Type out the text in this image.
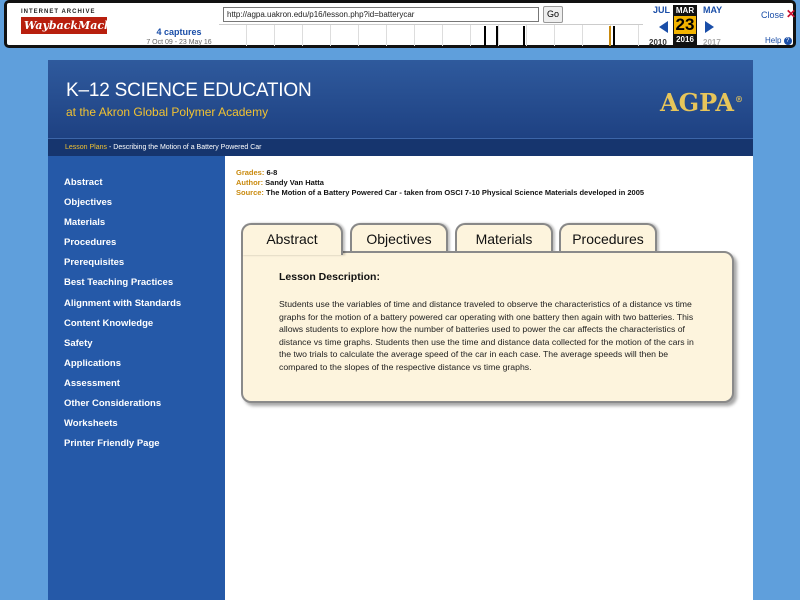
INTERNET ARCHIVE
WaybackMachine
http://agpa.uakron.edu/p16/lesson.php?id=batterycar
Go
4 captures
7 Oct 09 - 23 May 16
JUL
2010
MAR
23
2016
MAY
2017
Close ✕
Help ?
K–12 SCIENCE EDUCATION
at the Akron Global Polymer Academy	AGPA®
Lesson Plans - Describing the Motion of a Battery Powered Car
Abstract
Objectives
Materials
Procedures
Prerequisites
Best Teaching Practices
Alignment with Standards
Content Knowledge
Safety
Applications
Assessment
Other Considerations
Worksheets
Printer Friendly Page
Grades: 6-8
Author: Sandy Van Hatta
Source: The Motion of a Battery Powered Car - taken from OSCI 7-10 Physical Science Materials developed in 2005
Abstract	Objectives	Materials	Procedures
Lesson Description:
Students use the variables of time and distance traveled to observe the characteristics of a distance vs time graphs for the motion of a battery powered car operating with one battery then again with two batteries. This allows students to explore how the number of batteries used to power the car affects the characteristics of distance vs time graphs. Students then use the time and distance data collected for the motion of the cars in the two trials to calculate the average speed of the car in each case. The average speeds will then be compared to the slopes of the respective distance vs time graphs.
